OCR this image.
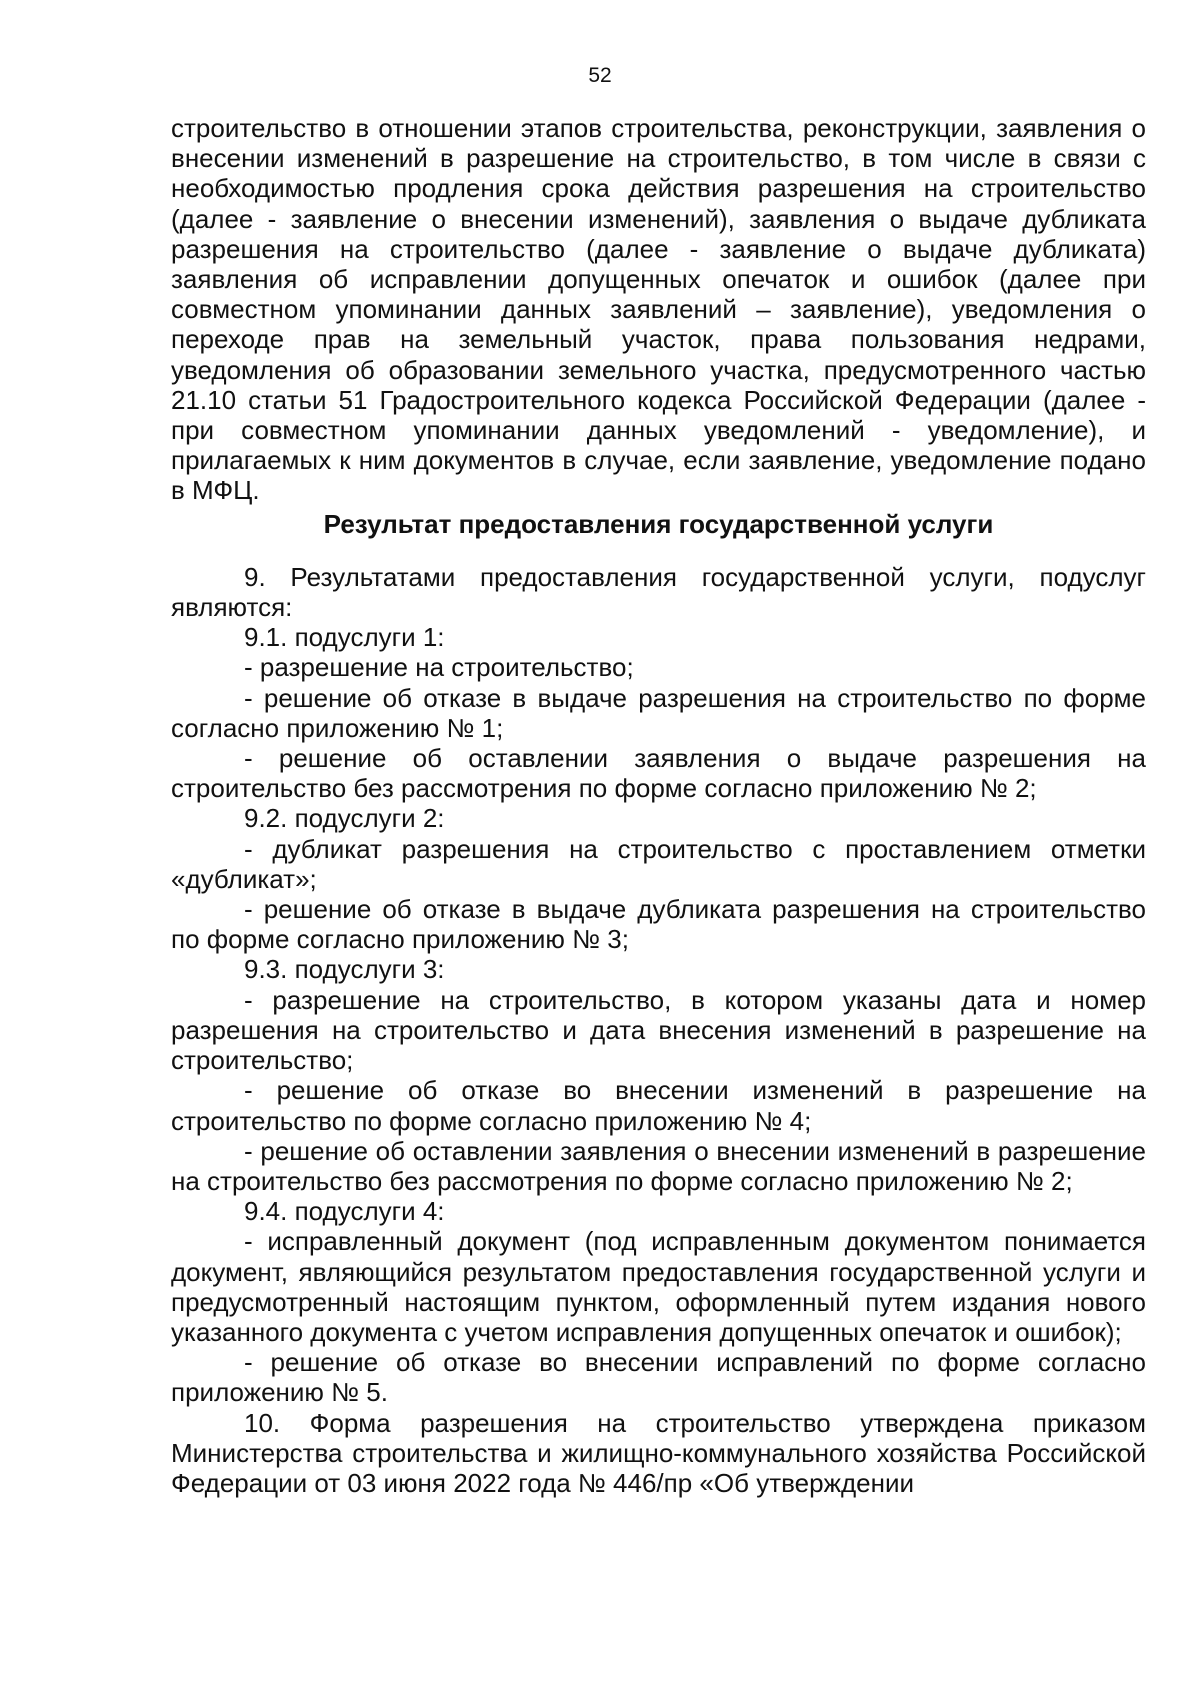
52

строительство в отношении этапов строительства, реконструкции, заявления о внесении изменений в разрешение на строительство, в том числе в связи с необходимостью продления срока действия разрешения на строительство (далее - заявление о внесении изменений), заявления о выдаче дубликата разрешения на строительство (далее - заявление о выдаче дубликата) заявления об исправлении допущенных опечаток и ошибок (далее при совместном упоминании данных заявлений – заявление), уведомления о переходе прав на земельный участок, права пользования недрами, уведомления об образовании земельного участка, предусмотренного частью 21.10 статьи 51 Градостроительного кодекса Российской Федерации (далее - при совместном упоминании данных уведомлений - уведомление), и прилагаемых к ним документов в случае, если заявление, уведомление подано в МФЦ.

Результат предоставления государственной услуги

9. Результатами предоставления государственной услуги, подуслуг являются:

9.1. подуслуги 1:

- разрешение на строительство;

- решение об отказе в выдаче разрешения на строительство по форме согласно приложению № 1;

- решение об оставлении заявления о выдаче разрешения на строительство без рассмотрения по форме согласно приложению № 2;

9.2. подуслуги 2:

- дубликат разрешения на строительство с проставлением отметки «дубликат»;

- решение об отказе в выдаче дубликата разрешения на строительство по форме согласно приложению № 3;

9.3. подуслуги 3:

- разрешение на строительство, в котором указаны дата и номер разрешения на строительство и дата внесения изменений в разрешение на строительство;

- решение об отказе во внесении изменений в разрешение на строительство по форме согласно приложению № 4;

- решение об оставлении заявления о внесении изменений в разрешение на строительство без рассмотрения по форме согласно приложению № 2;

9.4. подуслуги 4:

- исправленный документ (под исправленным документом понимается документ, являющийся результатом предоставления государственной услуги и предусмотренный настоящим пунктом, оформленный путем издания нового указанного документа с учетом исправления допущенных опечаток и ошибок);

- решение об отказе во внесении исправлений по форме согласно приложению № 5.

10. Форма разрешения на строительство утверждена приказом Министерства строительства и жилищно-коммунального хозяйства Российской Федерации от 03 июня 2022 года № 446/пр «Об утверждении
